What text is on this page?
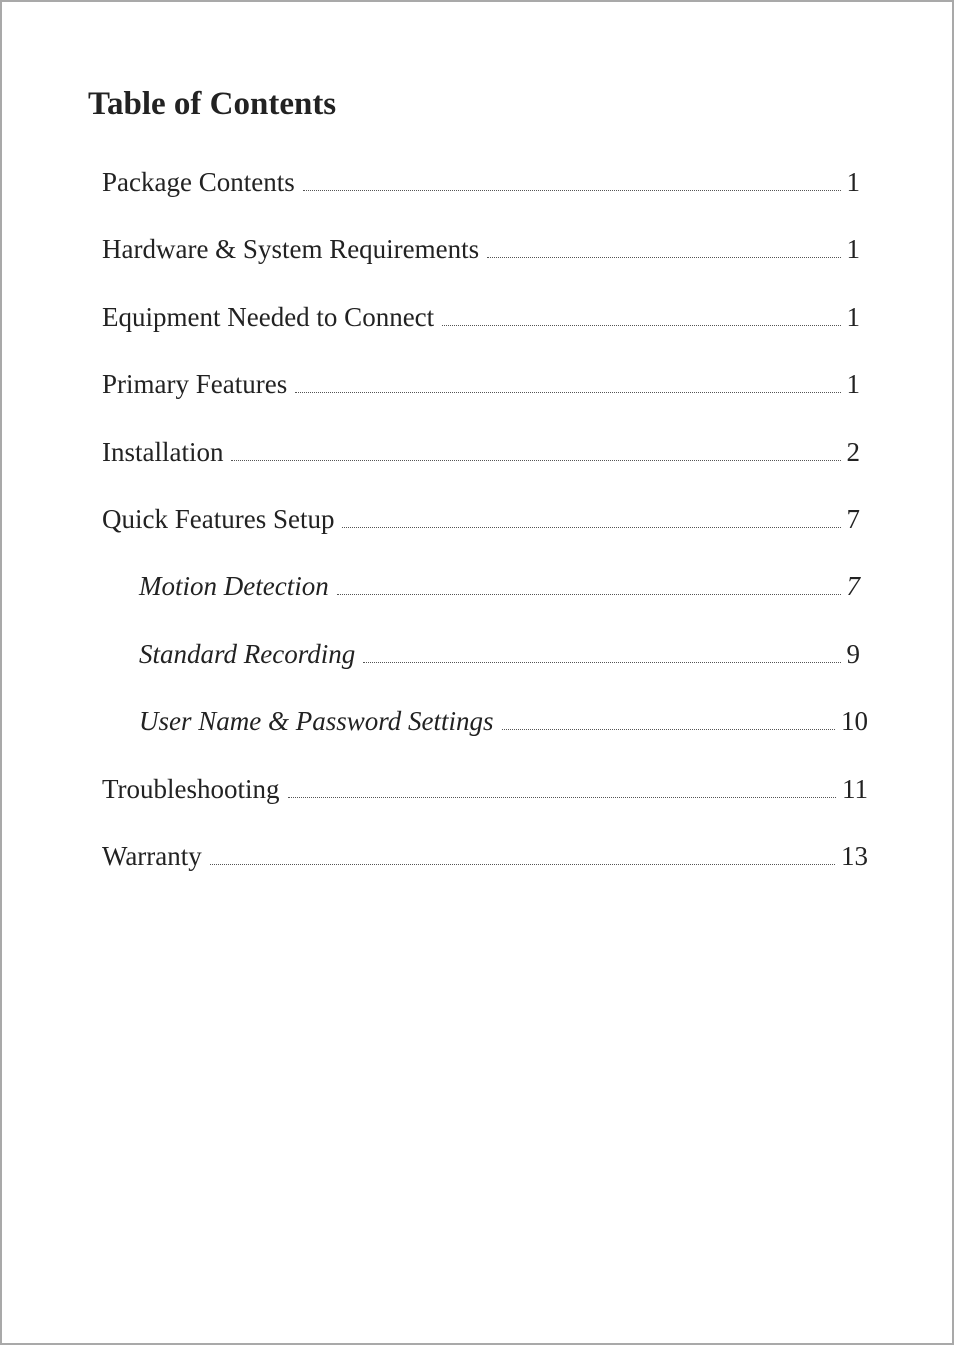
Table of Contents
Package Contents	1
Hardware & System Requirements	1
Equipment Needed to Connect	1
Primary Features	1
Installation	2
Quick Features Setup	7
Motion Detection	7
Standard Recording	9
User Name & Password Settings	10
Troubleshooting	11
Warranty	13
